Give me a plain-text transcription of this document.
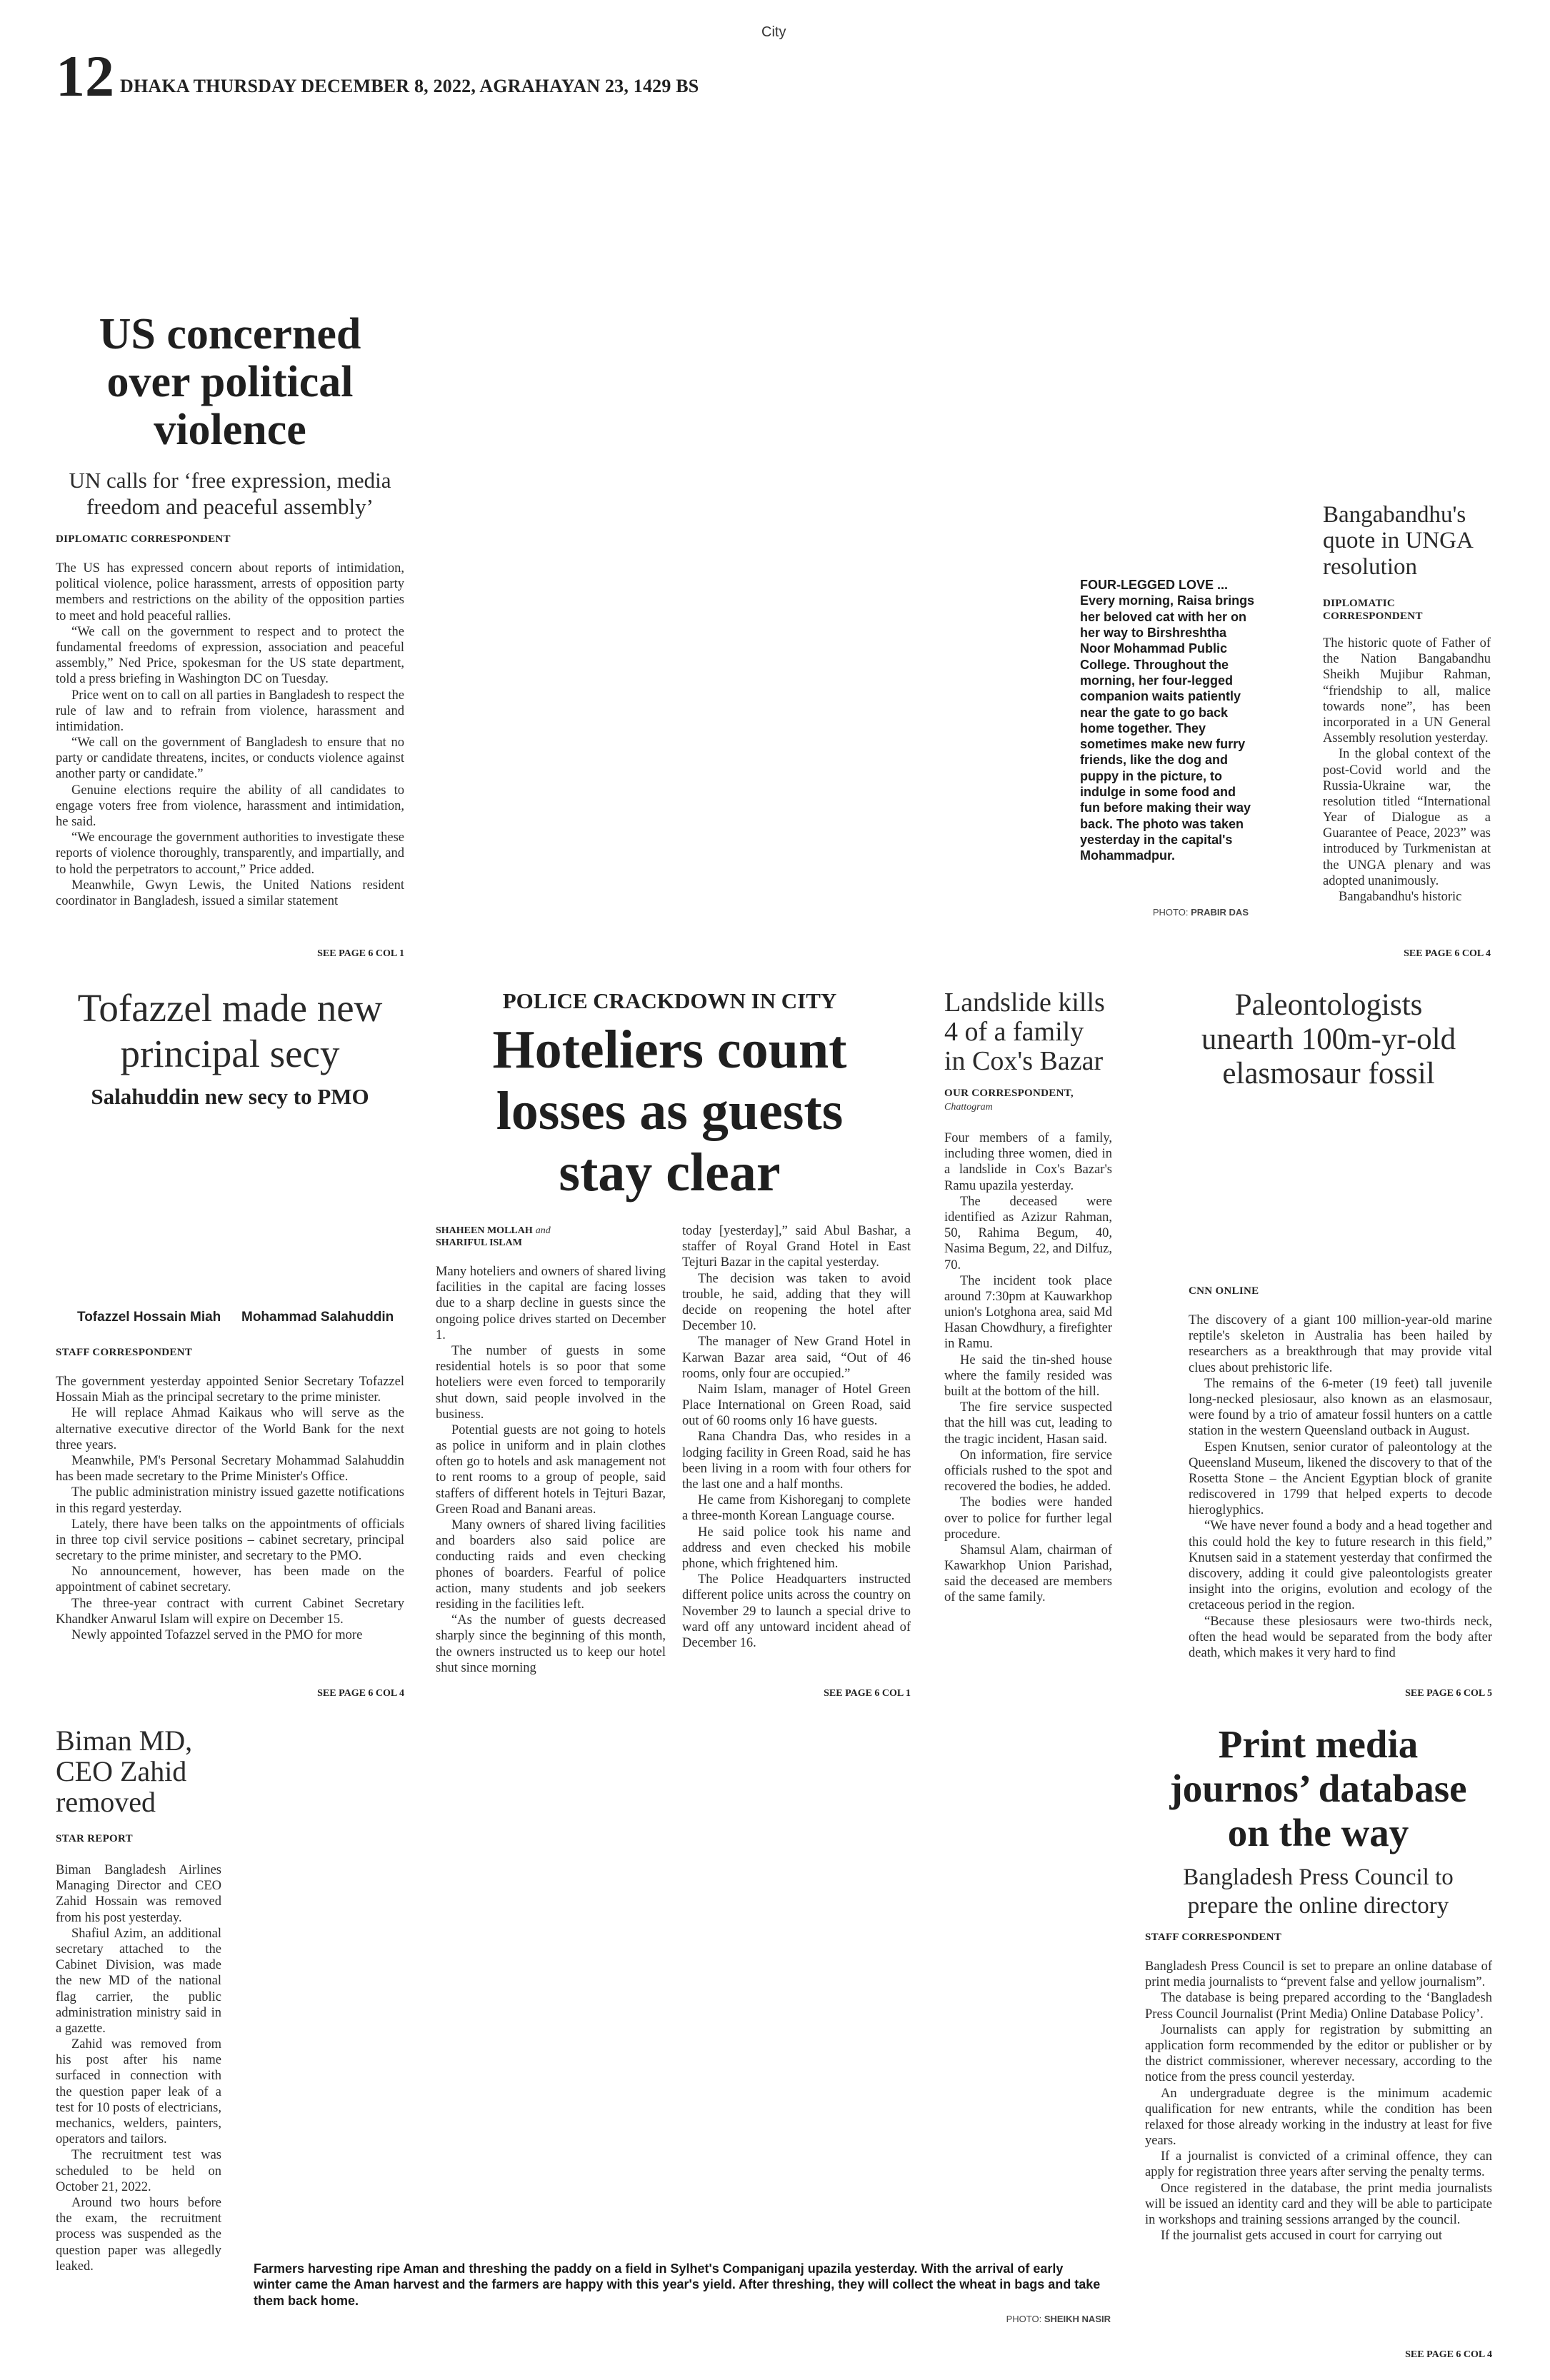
City
12 DHAKA THURSDAY DECEMBER 8, 2022, AGRAHAYAN 23, 1429 BS
US concerned
over political
violence
UN calls for ‘free expression, media
freedom and peaceful assembly’
DIPLOMATIC CORRESPONDENT

The US has expressed concern about reports of intimidation, political violence, police harassment, arrests of opposition party members and restrictions on the ability of the opposition parties to meet and hold peaceful rallies.

“We call on the government to respect and to protect the fundamental freedoms of expression, association and peaceful assembly,” Ned Price, spokesman for the US state department, told a press briefing in Washington DC on Tuesday.

Price went on to call on all parties in Bangladesh to respect the rule of law and to refrain from violence, harassment and intimidation.

“We call on the government of Bangladesh to ensure that no party or candidate threatens, incites, or conducts violence against another party or candidate.”

Genuine elections require the ability of all candidates to engage voters free from violence, harassment and intimidation, he said.

“We encourage the government authorities to investigate these reports of violence thoroughly, transparently, and impartially, and to hold the perpetrators to account,” Price added.

Meanwhile, Gwyn Lewis, the United Nations resident coordinator in Bangladesh, issued a similar statement

SEE PAGE 6 COL 1
FOUR-LEGGED LOVE ... Every morning, Raisa brings her beloved cat with her on her way to Birshreshtha Noor Mohammad Public College. Throughout the morning, her four-legged companion waits patiently near the gate to go back home together. They sometimes make new furry friends, like the dog and puppy in the picture, to indulge in some food and fun before making their way back. The photo was taken yesterday in the capital's Mohammadpur.
PHOTO: PRABIR DAS
Bangabandhu's
quote in UNGA
resolution
DIPLOMATIC
CORRESPONDENT

The historic quote of Father of the Nation Bangabandhu Sheikh Mujibur Rahman, “friendship to all, malice towards none”, has been incorporated in a UN General Assembly resolution yesterday.

In the global context of the post-Covid world and the Russia-Ukraine war, the resolution titled “International Year of Dialogue as a Guarantee of Peace, 2023” was introduced by Turkmenistan at the UNGA plenary and was adopted unanimously.

Bangabandhu's historic

SEE PAGE 6 COL 4
Tofazzel made new
principal secy
Salahuddin new secy to PMO
Tofazzel Hossain Miah Mohammad Salahuddin
STAFF CORRESPONDENT

The government yesterday appointed Senior Secretary Tofazzel Hossain Miah as the principal secretary to the prime minister.

He will replace Ahmad Kaikaus who will serve as the alternative executive director of the World Bank for the next three years.

Meanwhile, PM's Personal Secretary Mohammad Salahuddin has been made secretary to the Prime Minister's Office.

The public administration ministry issued gazette notifications in this regard yesterday.

Lately, there have been talks on the appointments of officials in three top civil service positions – cabinet secretary, principal secretary to the prime minister, and secretary to the PMO.

No announcement, however, has been made on the appointment of cabinet secretary.

The three-year contract with current Cabinet Secretary Khandker Anwarul Islam will expire on December 15.

Newly appointed Tofazzel served in the PMO for more

SEE PAGE 6 COL 4
POLICE CRACKDOWN IN CITY
Hoteliers count
losses as guests
stay clear
SHAHEEN MOLLAH and
SHARIFUL ISLAM

Many hoteliers and owners of shared living facilities in the capital are facing losses due to a sharp decline in guests since the ongoing police drives started on December 1.

The number of guests in some residential hotels is so poor that some hoteliers were even forced to temporarily shut down, said people involved in the business.

Potential guests are not going to hotels as police in uniform and in plain clothes often go to hotels and ask management not to rent rooms to a group of people, said staffers of different hotels in Tejturi Bazar, Green Road and Banani areas.

Many owners of shared living facilities and boarders also said police are conducting raids and even checking phones of boarders. Fearful of police action, many students and job seekers residing in the facilities left.

“As the number of guests decreased sharply since the beginning of this month, the owners instructed us to keep our hotel shut since morning

today [yesterday],” said Abul Bashar, a staffer of Royal Grand Hotel in East Tejturi Bazar in the capital yesterday.

The decision was taken to avoid trouble, he said, adding that they will decide on reopening the hotel after December 10.

The manager of New Grand Hotel in Karwan Bazar area said, “Out of 46 rooms, only four are occupied.”

Naim Islam, manager of Hotel Green Place International on Green Road, said out of 60 rooms only 16 have guests.

Rana Chandra Das, who resides in a lodging facility in Green Road, said he has been living in a room with four others for the last one and a half months.

He came from Kishoreganj to complete a three-month Korean Language course.

He said police took his name and address and even checked his mobile phone, which frightened him.

The Police Headquarters instructed different police units across the country on November 29 to launch a special drive to ward off any untoward incident ahead of December 16.

SEE PAGE 6 COL 1
Landslide kills
4 of a family
in Cox's Bazar
OUR CORRESPONDENT,
Chattogram

Four members of a family, including three women, died in a landslide in Cox's Bazar's Ramu upazila yesterday.

The deceased were identified as Azizur Rahman, 50, Rahima Begum, 40, Nasima Begum, 22, and Dilfuz, 70.

The incident took place around 7:30pm at Kauwarkhop union's Lotghona area, said Md Hasan Chowdhury, a firefighter in Ramu.

He said the tin-shed house where the family resided was built at the bottom of the hill.

The fire service suspected that the hill was cut, leading to the tragic incident, Hasan said.

On information, fire service officials rushed to the spot and recovered the bodies, he added.

The bodies were handed over to police for further legal procedure.

Shamsul Alam, chairman of Kawarkhop Union Parishad, said the deceased are members of the same family.

Paleontologists
unearth 100m-yr-old
elasmosaur fossil
CNN ONLINE

The discovery of a giant 100 million-year-old marine reptile's skeleton in Australia has been hailed by researchers as a breakthrough that may provide vital clues about prehistoric life.

The remains of the 6-meter (19 feet) tall juvenile long-necked plesiosaur, also known as an elasmosaur, were found by a trio of amateur fossil hunters on a cattle station in the western Queensland outback in August.

Espen Knutsen, senior curator of paleontology at the Queensland Museum, likened the discovery to that of the Rosetta Stone – the Ancient Egyptian block of granite rediscovered in 1799 that helped experts to decode hieroglyphics.

“We have never found a body and a head together and this could hold the key to future research in this field,” Knutsen said in a statement yesterday that confirmed the discovery, adding it could give paleontologists greater insight into the origins, evolution and ecology of the cretaceous period in the region.

“Because these plesiosaurs were two-thirds neck, often the head would be separated from the body after death, which makes it very hard to find

SEE PAGE 6 COL 5
Biman MD,
CEO Zahid
removed
STAR REPORT

Biman Bangladesh Airlines Managing Director and CEO Zahid Hossain was removed from his post yesterday.

Shafiul Azim, an additional secretary attached to the Cabinet Division, was made the new MD of the national flag carrier, the public administration ministry said in a gazette.

Zahid was removed from his post after his name surfaced in connection with the question paper leak of a test for 10 posts of electricians, mechanics, welders, painters, operators and tailors.

The recruitment test was scheduled to be held on October 21, 2022.

Around two hours before the exam, the recruitment process was suspended as the question paper was allegedly leaked.	Farmers harvesting ripe Aman and threshing the paddy on a field in Sylhet's Companiganj upazila yesterday. With the arrival of early winter came the Aman harvest and the farmers are happy with this year's yield. After threshing, they will collect the wheat in bags and take them back home.
PHOTO: SHEIKH NASIR
Print media
journos’ database
on the way
Bangladesh Press Council to
prepare the online directory
STAFF CORRESPONDENT

Bangladesh Press Council is set to prepare an online database of print media journalists to “prevent false and yellow journalism”.

The database is being prepared according to the ‘Bangladesh Press Council Journalist (Print Media) Online Database Policy’.

Journalists can apply for registration by submitting an application form recommended by the editor or publisher or by the district commissioner, wherever necessary, according to the notice from the press council yesterday.

An undergraduate degree is the minimum academic qualification for new entrants, while the condition has been relaxed for those already working in the industry at least for five years.

If a journalist is convicted of a criminal offence, they can apply for registration three years after serving the penalty terms.

Once registered in the database, the print media journalists will be issued an identity card and they will be able to participate in workshops and training sessions arranged by the council.

If the journalist gets accused in court for carrying out

SEE PAGE 6 COL 4
